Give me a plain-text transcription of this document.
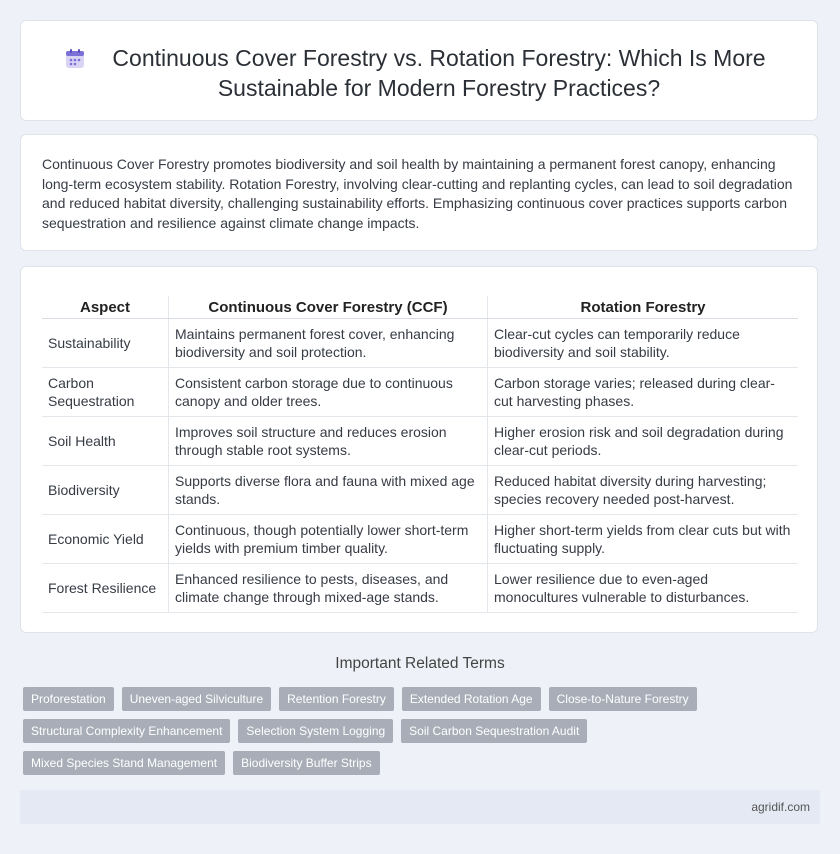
Continuous Cover Forestry vs. Rotation Forestry: Which Is More Sustainable for Modern Forestry Practices?
Continuous Cover Forestry promotes biodiversity and soil health by maintaining a permanent forest canopy, enhancing long-term ecosystem stability. Rotation Forestry, involving clear-cutting and replanting cycles, can lead to soil degradation and reduced habitat diversity, challenging sustainability efforts. Emphasizing continuous cover practices supports carbon sequestration and resilience against climate change impacts.
Aspect	Continuous Cover Forestry (CCF)	Rotation Forestry
Sustainability	Maintains permanent forest cover, enhancing biodiversity and soil protection.	Clear-cut cycles can temporarily reduce biodiversity and soil stability.
Carbon Sequestration	Consistent carbon storage due to continuous canopy and older trees.	Carbon storage varies; released during clear-cut harvesting phases.
Soil Health	Improves soil structure and reduces erosion through stable root systems.	Higher erosion risk and soil degradation during clear-cut periods.
Biodiversity	Supports diverse flora and fauna with mixed age stands.	Reduced habitat diversity during harvesting; species recovery needed post-harvest.
Economic Yield	Continuous, though potentially lower short-term yields with premium timber quality.	Higher short-term yields from clear cuts but with fluctuating supply.
Forest Resilience	Enhanced resilience to pests, diseases, and climate change through mixed-age stands.	Lower resilience due to even-aged monocultures vulnerable to disturbances.
Important Related Terms
Proforestation	Uneven-aged Silviculture	Retention Forestry	Extended Rotation Age	Close-to-Nature Forestry
Structural Complexity Enhancement	Selection System Logging	Soil Carbon Sequestration Audit
Mixed Species Stand Management	Biodiversity Buffer Strips
agridif.com
